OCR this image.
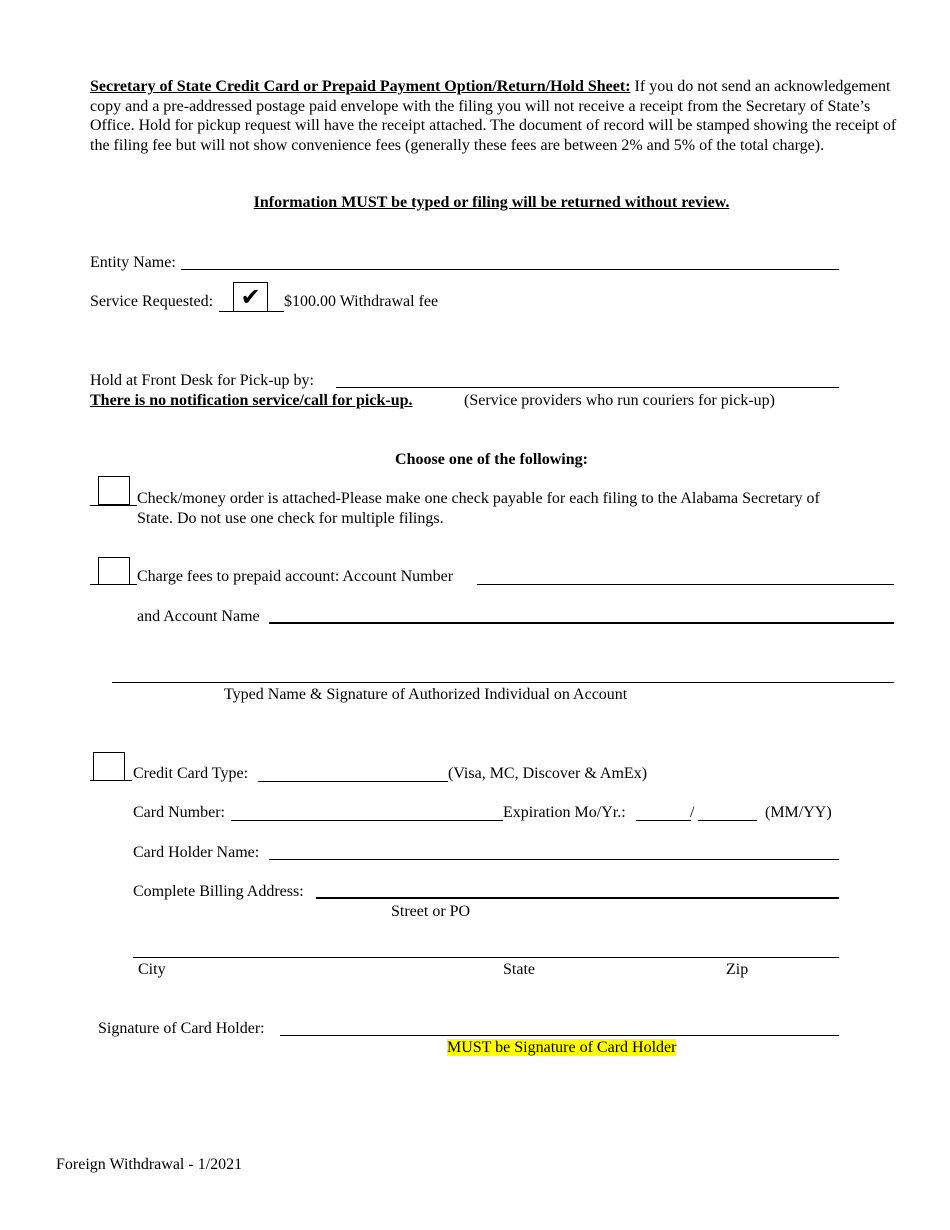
Secretary of State Credit Card or Prepaid Payment Option/Return/Hold Sheet: If you do not send an acknowledgement copy and a pre-addressed postage paid envelope with the filing you will not receive a receipt from the Secretary of State’s Office. Hold for pickup request will have the receipt attached. The document of record will be stamped showing the receipt of the filing fee but will not show convenience fees (generally these fees are between 2% and 5% of the total charge).
Information MUST be typed or filing will be returned without review.
Entity Name:
Service Requested:	✔	$100.00 Withdrawal fee
Hold at Front Desk for Pick-up by:
There is no notification service/call for pick-up.	(Service providers who run couriers for pick-up)
Choose one of the following:
Check/money order is attached-Please make one check payable for each filing to the Alabama Secretary of
State. Do not use one check for multiple filings.
Charge fees to prepaid account: Account Number
and Account Name
Typed Name & Signature of Authorized Individual on Account
Credit Card Type:	(Visa, MC, Discover & AmEx)
Card Number:	Expiration Mo/Yr.:	/	(MM/YY)
Card Holder Name:
Complete Billing Address:
Street or PO
City	State	Zip
Signature of Card Holder:
MUST be Signature of Card Holder
Foreign Withdrawal - 1/2021
